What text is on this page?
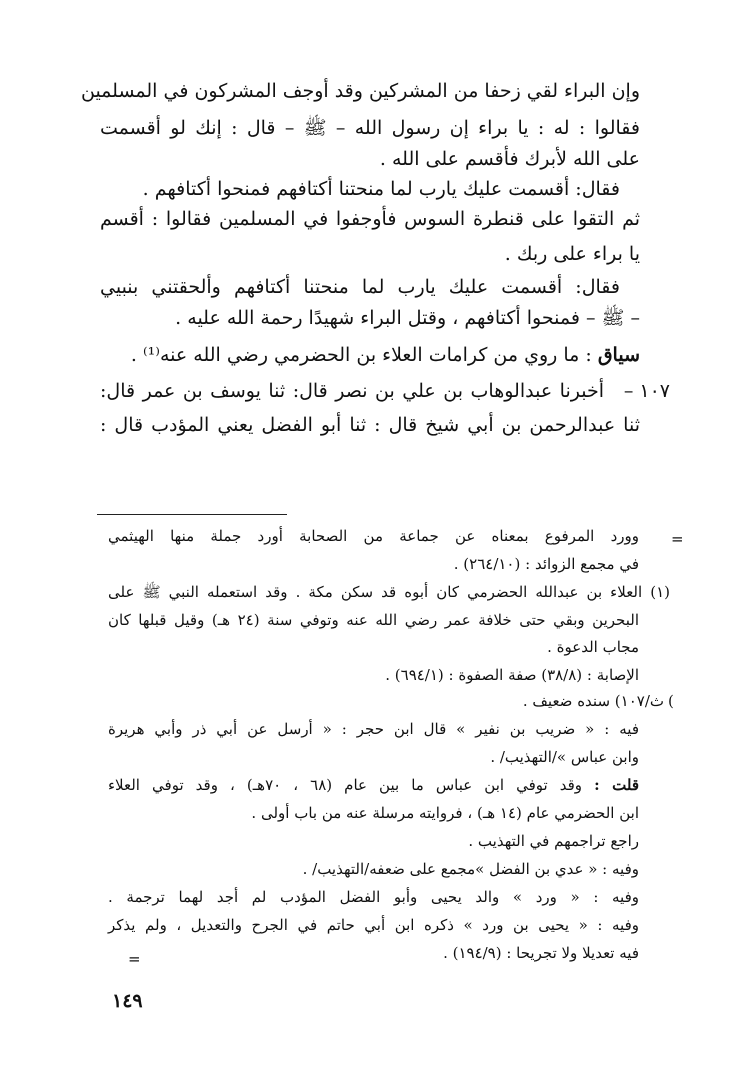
وإن البراء لقي زحفا من المشركين وقد أوجف المشركون في المسلمين
فقالوا : له : يا براء إن رسول الله – ﷺ – قال : إنك لو أقسمت
على الله لأبرك فأقسم على الله .
فقال: أقسمت عليك يارب لما منحتنا أكتافهم فمنحوا أكتافهم .
ثم التقوا على قنطرة السوس فأوجفوا في المسلمين فقالوا : أقسم
يا براء على ربك .
فقال: أقسمت عليك يارب لما منحتنا أكتافهم وألحقتني بنبيي
– ﷺ – فمنحوا أكتافهم ، وقتل البراء شهيدًا رحمة الله عليه .
سياق : ما روي من كرامات العلاء بن الحضرمي رضي الله عنه⁽¹⁾ .
١٠٧ –
أخبرنا عبدالوهاب بن علي بن نصر قال: ثنا يوسف بن عمر قال:
ثنا عبدالرحمن بن أبي شيخ قال : ثنا أبو الفضل يعني المؤدب قال :
=
وورد المرفوع بمعناه عن جماعة من الصحابة أورد جملة منها الهيثمي
في مجمع الزوائد : (٢٦٤/١٠) .
(١) العلاء بن عبدالله الحضرمي كان أبوه قد سكن مكة . وقد استعمله النبي ﷺ على
البحرين وبقي حتى خلافة عمر رضي الله عنه وتوفي سنة (٢٤ هـ) وقيل قبلها كان
مجاب الدعوة .
الإصابة : (٣٨/٨) صفة الصفوة : (٦٩٤/١) .
(
ث/١٠٧) سنده ضعيف .
فيه : « ضريب بن نفير » قال ابن حجر : « أرسل عن أبي ذر وأبي هريرة
وابن عباس »/التهذيب/ .
قلت : وقد توفي ابن عباس ما بين عام (٦٨ ، ٧٠هـ) ، وقد توفي العلاء
ابن الحضرمي عام (١٤ هـ) ، فروايته مرسلة عنه من باب أولى .
راجع تراجمهم في التهذيب .
وفيه : « عدي بن الفضل »مجمع على ضعفه/التهذيب/ .
وفيه : « ورد » والد يحيى وأبو الفضل المؤدب لم أجد لهما ترجمة .
وفيه : « يحيى بن ورد » ذكره ابن أبي حاتم في الجرح والتعديل ، ولم يذكر
فيه تعديلا ولا تجريحا : (١٩٤/٩) .
=
١٤٩
